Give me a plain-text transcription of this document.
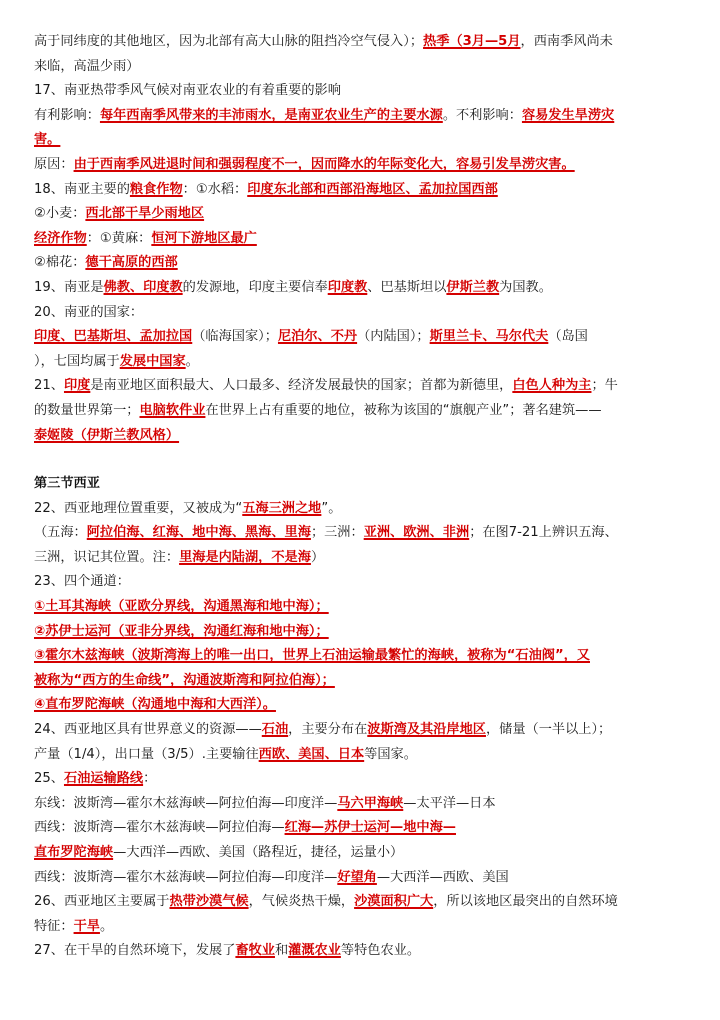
高于同纬度的其他地区，因为北部有高大山脉的阻挡冷空气侵入）；热季（3月—5月，西南季风尚未
来临，高温少雨）
17、南亚热带季风气候对南亚农业的有着重要的影响
有利影响：每年西南季风带来的丰沛雨水，是南亚农业生产的主要水源。不利影响：容易发生旱涝灾
害。
原因：由于西南季风进退时间和强弱程度不一，因而降水的年际变化大，容易引发旱涝灾害。
18、南亚主要的粮食作物：①水稻：印度东北部和西部沿海地区、孟加拉国西部
②小麦：西北部干旱少雨地区
经济作物：①黄麻：恒河下游地区最广
②棉花：德干高原的西部
19、南亚是佛教、印度教的发源地，印度主要信奉印度教、巴基斯坦以伊斯兰教为国教。
20、南亚的国家：
印度、巴基斯坦、孟加拉国（临海国家）；尼泊尔、不丹（内陆国）；斯里兰卡、马尔代夫（岛国
），七国均属于发展中国家。
21、印度是南亚地区面积最大、人口最多、经济发展最快的国家；首都为新德里，白色人种为主；牛
的数量世界第一；电脑软件业在世界上占有重要的地位，被称为该国的“旗舰产业”；著名建筑——
泰姬陵（伊斯兰教风格）
第三节西亚
22、西亚地理位置重要，又被成为“五海三洲之地”。
（五海：阿拉伯海、红海、地中海、黑海、里海；三洲：亚洲、欧洲、非洲；在图7-21上辨识五海、
三洲，识记其位置。注：里海是内陆湖，不是海）
23、四个通道：
①土耳其海峡（亚欧分界线，沟通黑海和地中海）；
②苏伊士运河（亚非分界线，沟通红海和地中海）；
③霍尔木兹海峡（波斯湾海上的唯一出口，世界上石油运输最繁忙的海峡，被称为“石油阀”，又
被称为“西方的生命线”，沟通波斯湾和阿拉伯海）；
④直布罗陀海峡（沟通地中海和大西洋）。
24、西亚地区具有世界意义的资源——石油，主要分布在波斯湾及其沿岸地区，储量（一半以上）；
产量（1/4），出口量（3/5）.主要输往西欧、美国、日本等国家。
25、石油运输路线：
东线：波斯湾—霍尔木兹海峡—阿拉伯海—印度洋—马六甲海峡—太平洋—日本
西线：波斯湾—霍尔木兹海峡—阿拉伯海—红海—苏伊士运河—地中海—
直布罗陀海峡—大西洋—西欧、美国（路程近，捷径，运量小）
西线：波斯湾—霍尔木兹海峡—阿拉伯海—印度洋—好望角—大西洋—西欧、美国
26、西亚地区主要属于热带沙漠气候，气候炎热干燥，沙漠面积广大，所以该地区最突出的自然环境
特征：干旱。
27、在干旱的自然环境下，发展了畜牧业和灌溉农业等特色农业。
